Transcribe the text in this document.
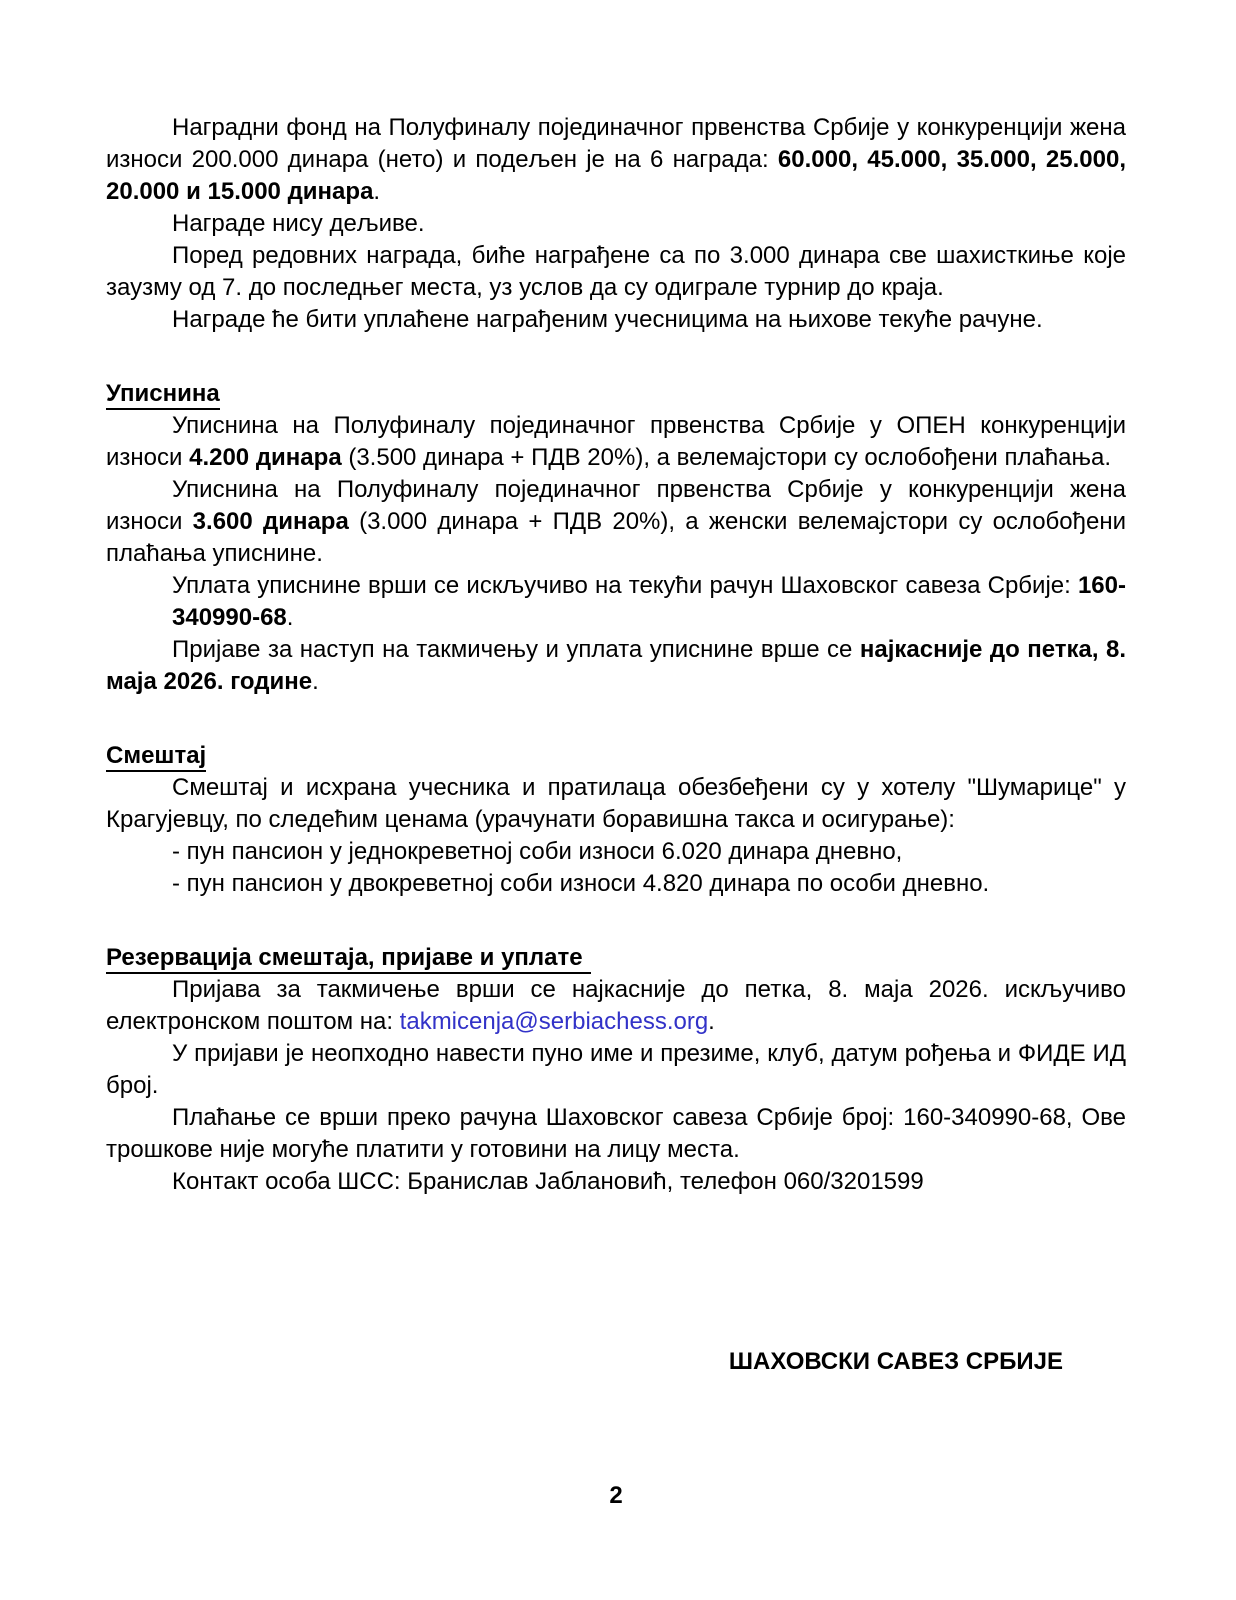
Наградни фонд на Полуфиналу појединачног првенства Србије у конкуренцији жена износи 200.000 динара (нето) и подељен је на 6 награда: 60.000, 45.000, 35.000, 25.000, 20.000 и 15.000 динара.

Награде нису дељиве.

Поред редовних награда, биће награђене са по 3.000 динара све шахисткиње које заузму од 7. до последњег места, уз услов да су одиграле турнир до краја.

Награде ће бити уплаћене награђеним учесницима на њихове текуће рачуне.

Уписнина

Уписнина на Полуфиналу појединачног првенства Србије у ОПЕН конкуренцији износи 4.200 динара (3.500 динара + ПДВ 20%), а велемајстори су ослобођени плаћања.

Уписнина на Полуфиналу појединачног првенства Србије у конкуренцији жена износи 3.600 динара (3.000 динара + ПДВ 20%), а женски велемајстори су ослобођени плаћања уписнине.

Уплата уписнине врши се искључиво на текући рачун Шаховског савеза Србије: 160-

340990-68.

Пријаве за наступ на такмичењу и уплата уписнине врше се најкасније до петка, 8. маја 2026. године.

Смештај

Смештај и исхрана учесника и пратилаца обезбеђени су у хотелу "Шумарице" у Крагујевцу, по следећим ценама (урачунати боравишна такса и осигурање):

- пун пансион у једнокреветној соби износи 6.020 динара дневно,

- пун пансион у двокреветној соби износи 4.820 динара по особи дневно.

Резервација смештаја, пријаве и уплате

Пријава за такмичење врши се најкасније до петка, 8. маја 2026. искључиво електронском поштом на: takmicenja@serbiachess.org.

У пријави је неопходно навести пуно име и презиме, клуб, датум рођења и ФИДЕ ИД број.

Плаћање се врши преко рачуна Шаховског савеза Србије број: 160-340990-68, Ове трошкове није могуће платити у готовини на лицу места.

Контакт особа ШСС: Бранислав Јаблановић, телефон 060/3201599

ШАХОВСКИ САВЕЗ СРБИЈЕ

2
